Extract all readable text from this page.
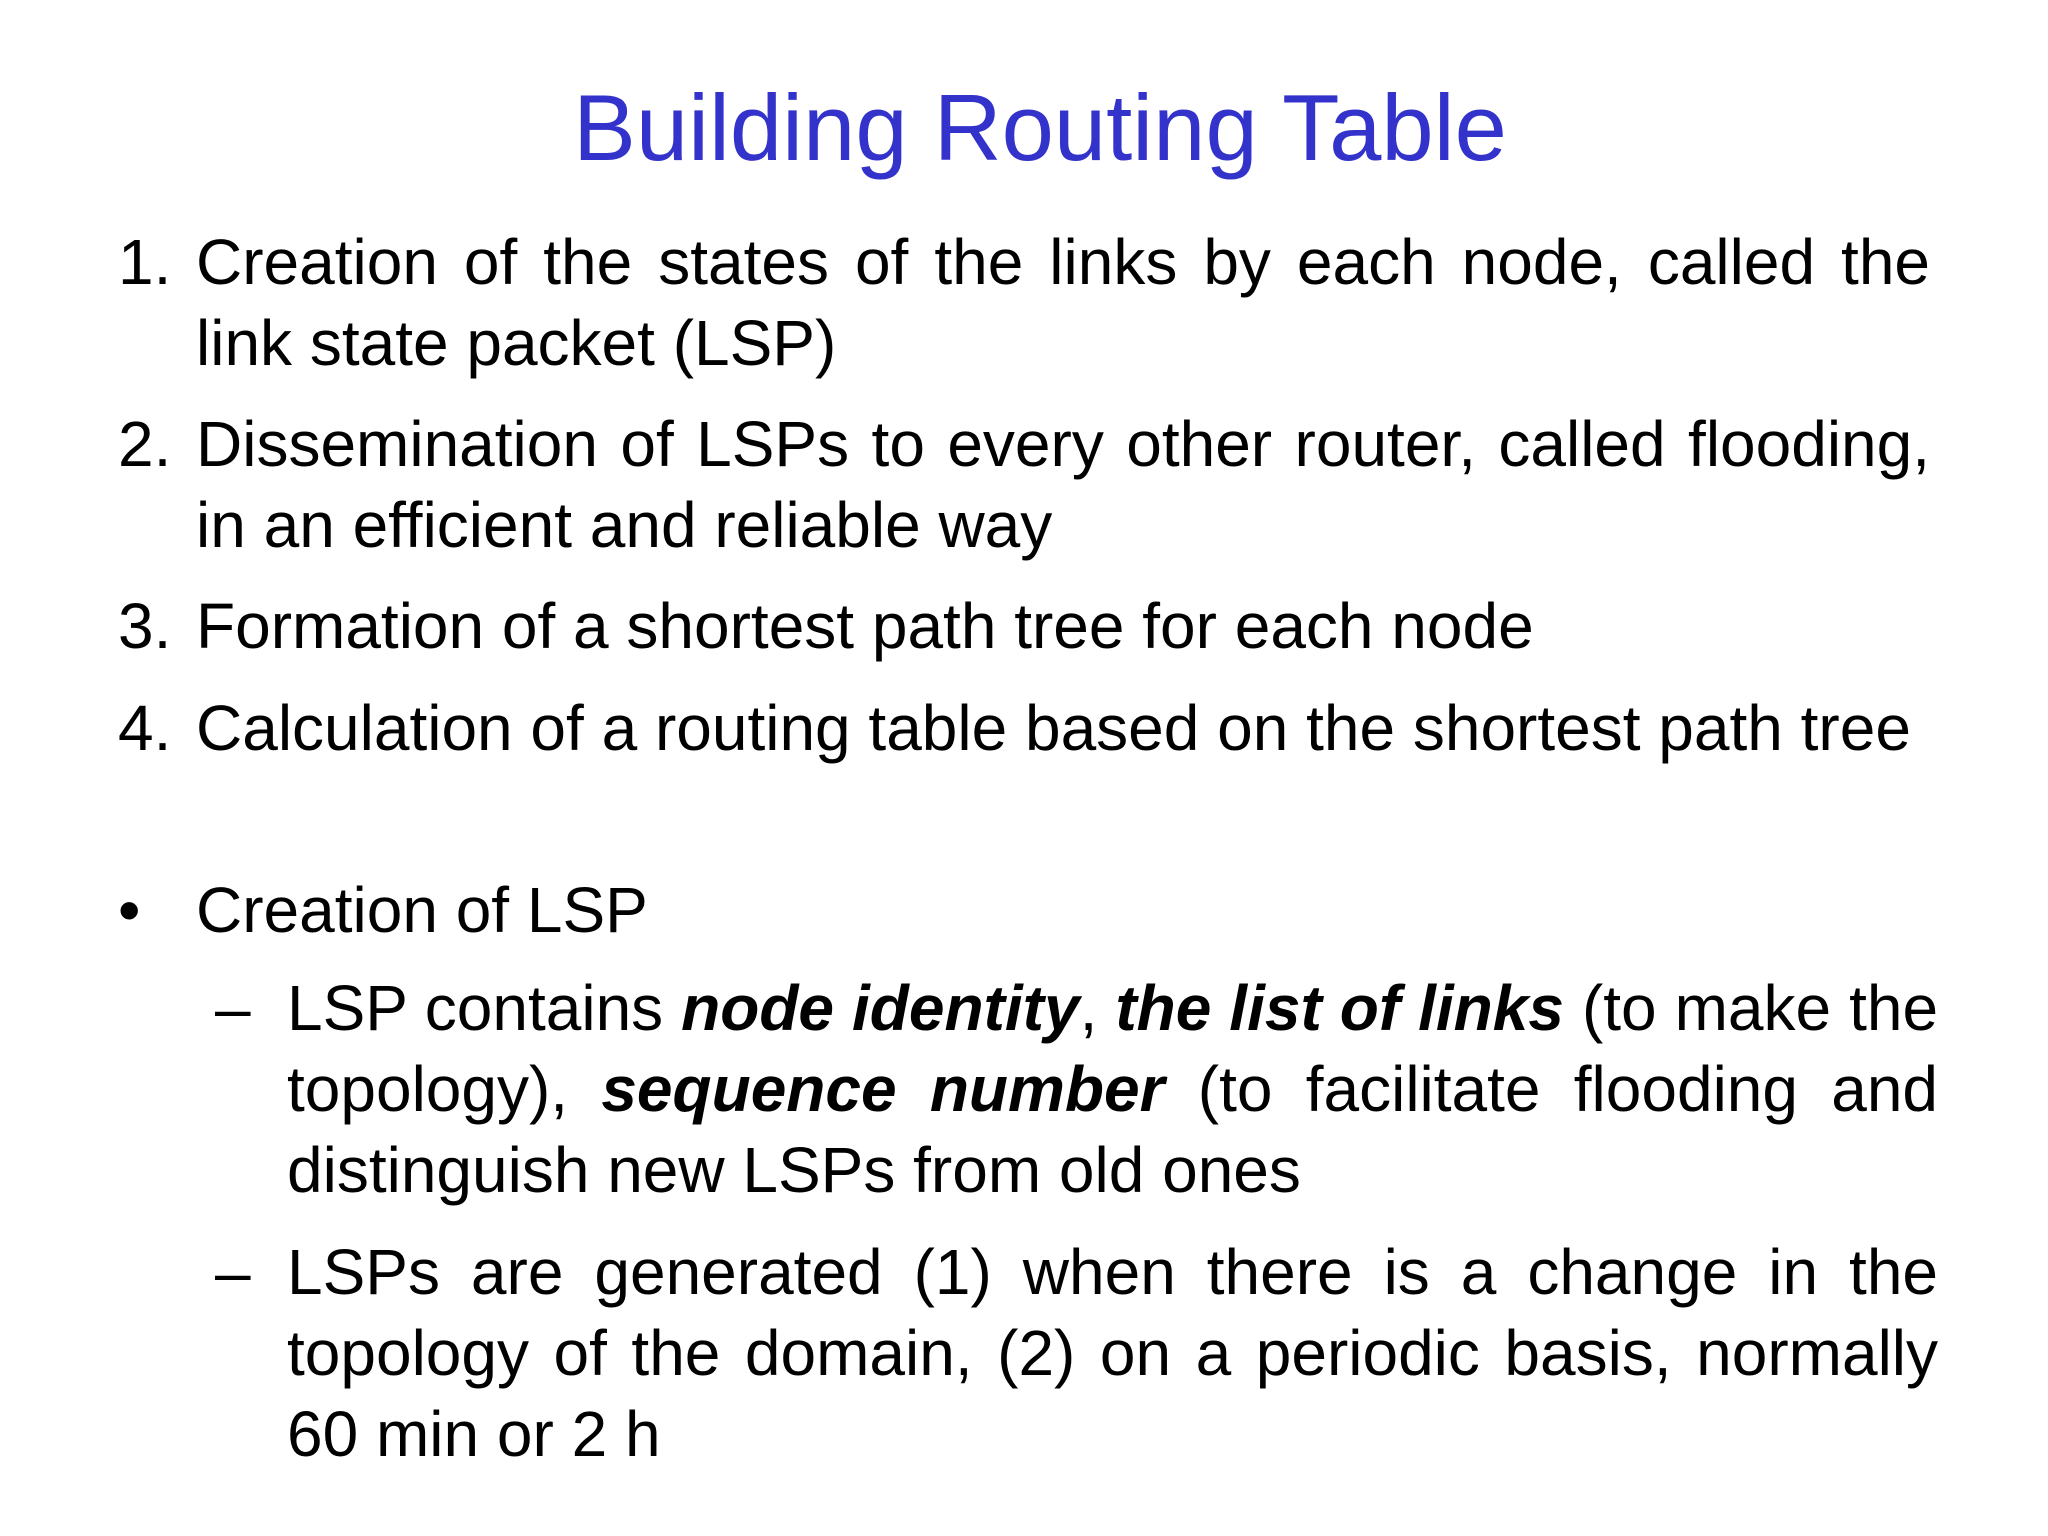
Building Routing Table
1. Creation of the states of the links by each node, called the link state packet (LSP)
2. Dissemination of LSPs to every other router, called flooding, in an efficient and reliable way
3. Formation of a shortest path tree for each node
4. Calculation of a routing table based on the shortest path tree
• Creation of LSP
– LSP contains node identity, the list of links (to make the topology), sequence number (to facilitate flooding and distinguish new LSPs from old ones
– LSPs are generated (1) when there is a change in the topology of the domain, (2) on a periodic basis, normally 60 min or 2 h
